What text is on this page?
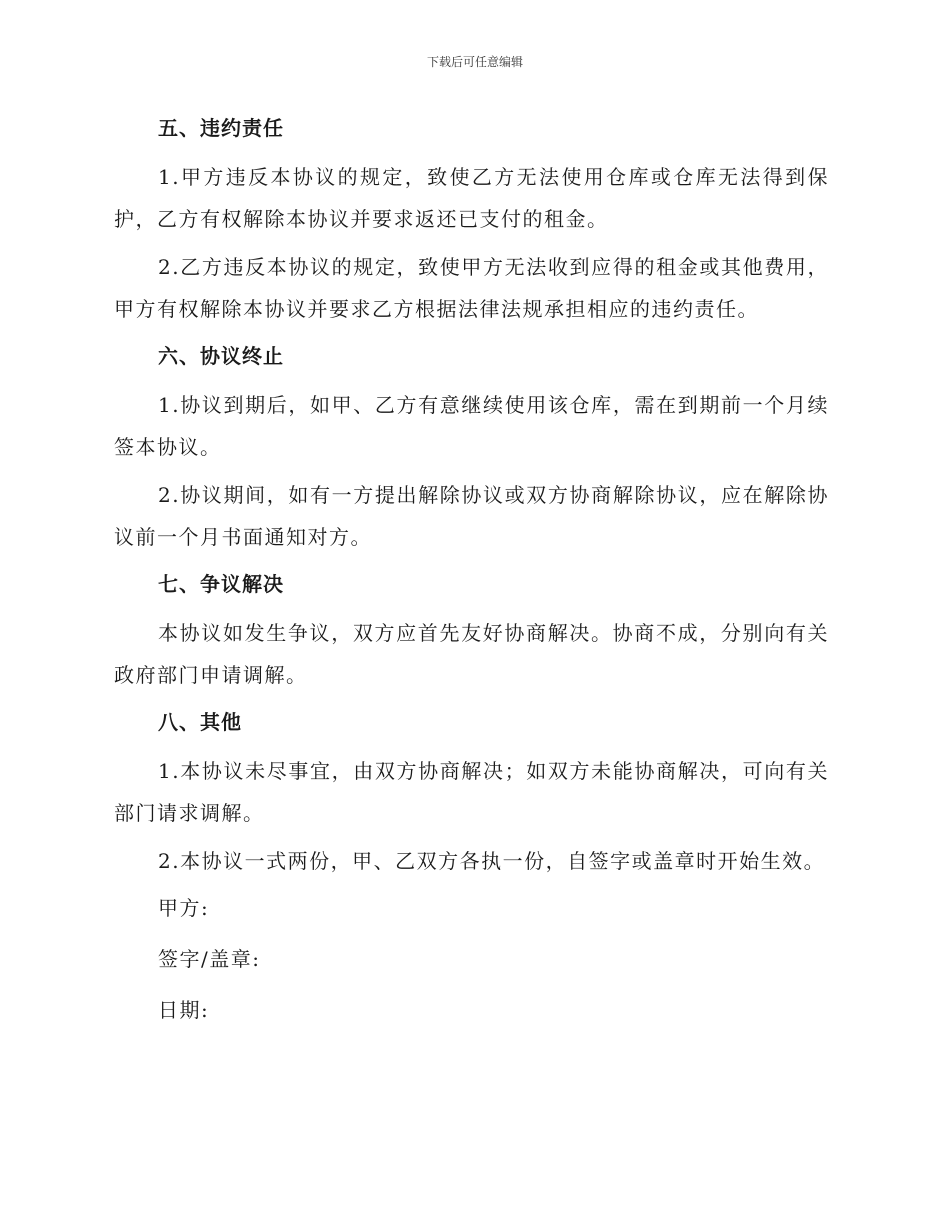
下载后可任意编辑
五、违约责任

1.甲方违反本协议的规定，致使乙方无法使用仓库或仓库无法得到保护，乙方有权解除本协议并要求返还已支付的租金。

2.乙方违反本协议的规定，致使甲方无法收到应得的租金或其他费用，甲方有权解除本协议并要求乙方根据法律法规承担相应的违约责任。

六、协议终止

1.协议到期后，如甲、乙方有意继续使用该仓库，需在到期前一个月续签本协议。

2.协议期间，如有一方提出解除协议或双方协商解除协议，应在解除协议前一个月书面通知对方。

七、争议解决

本协议如发生争议，双方应首先友好协商解决。协商不成，分别向有关政府部门申请调解。

八、其他

1.本协议未尽事宜，由双方协商解决；如双方未能协商解决，可向有关部门请求调解。

2.本协议一式两份，甲、乙双方各执一份，自签字或盖章时开始生效。

甲方:
签字/盖章:
日期:
